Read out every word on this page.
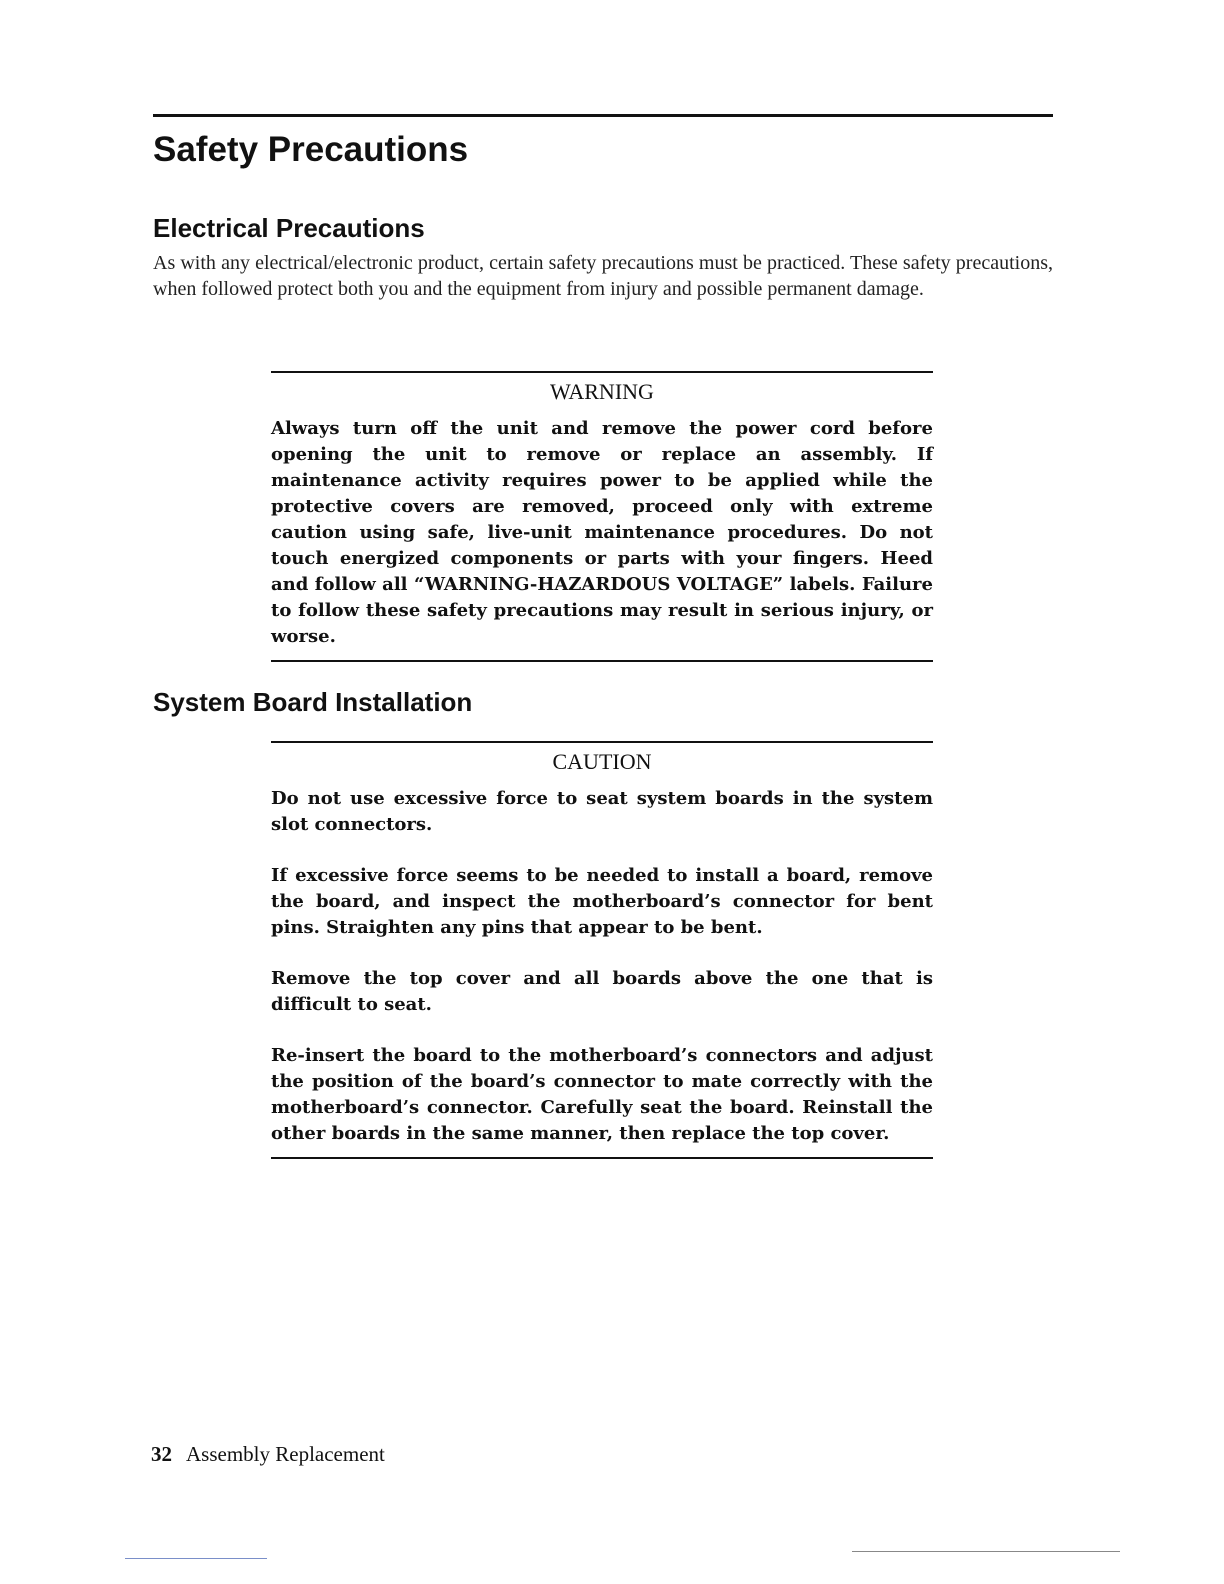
Safety Precautions
Electrical Precautions

As with any electrical/electronic product, certain safety precautions must be practiced. These safety precautions, when followed protect both you and the equipment from injury and possible permanent damage.

WARNING

Always turn off the unit and remove the power cord before opening the unit to remove or replace an assembly. If maintenance activity requires power to be applied while the protective covers are removed, proceed only with extreme caution using safe, live-unit maintenance procedures. Do not touch energized components or parts with your fingers. Heed and follow all “WARNING-HAZARDOUS VOLTAGE” labels. Failure to follow these safety precautions may result in serious injury, or worse.

System Board Installation
CAUTION

Do not use excessive force to seat system boards in the system slot connectors.

If excessive force seems to be needed to install a board, remove the board, and inspect the motherboard’s connector for bent pins. Straighten any pins that appear to be bent.

Remove the top cover and all boards above the one that is difficult to seat.

Re-insert the board to the motherboard’s connectors and adjust the position of the board’s connector to mate correctly with the motherboard’s connector. Carefully seat the board. Reinstall the other boards in the same manner, then replace the top cover.

32 Assembly Replacement
